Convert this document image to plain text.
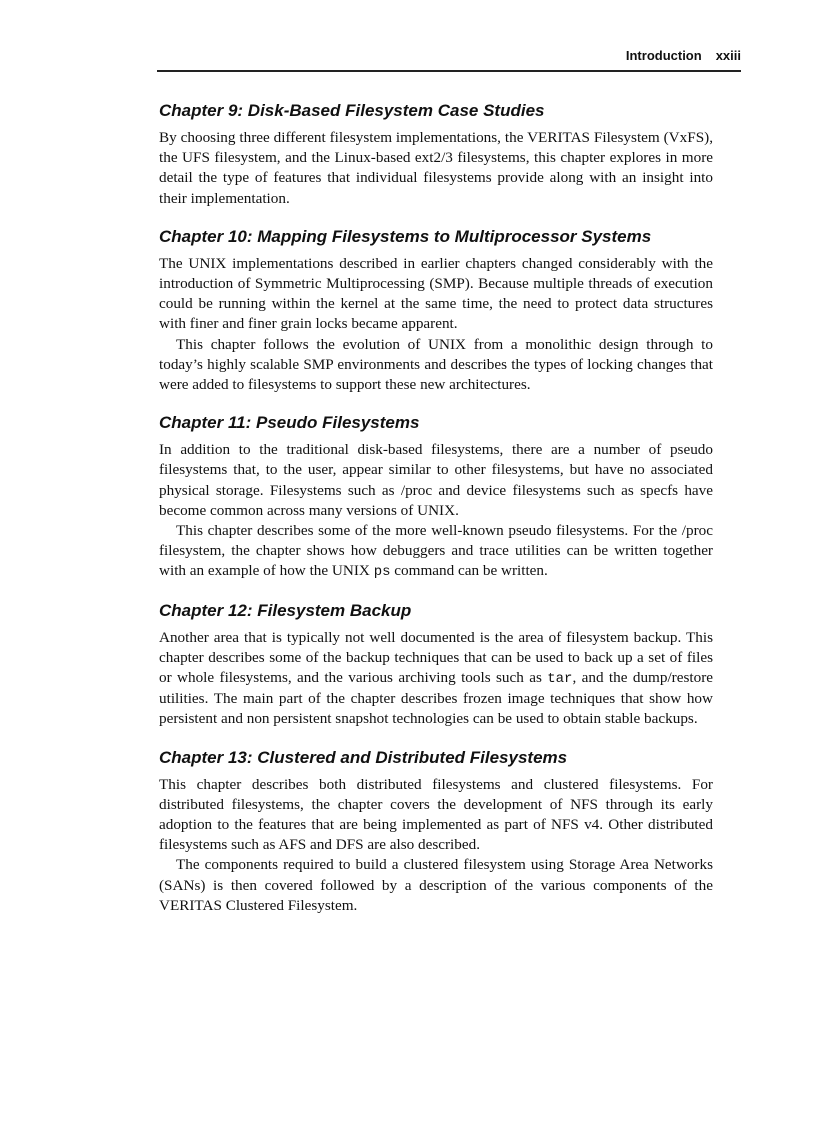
Introduction xxiii
Chapter 9: Disk-Based Filesystem Case Studies

By choosing three different filesystem implementations, the VERITAS Filesystem (VxFS), the UFS filesystem, and the Linux-based ext2/3 filesystems, this chapter explores in more detail the type of features that individual filesystems provide along with an insight into their implementation.

Chapter 10: Mapping Filesystems to Multiprocessor Systems

The UNIX implementations described in earlier chapters changed considerably with the introduction of Symmetric Multiprocessing (SMP). Because multiple threads of execution could be running within the kernel at the same time, the need to protect data structures with finer and finer grain locks became apparent.

This chapter follows the evolution of UNIX from a monolithic design through to today’s highly scalable SMP environments and describes the types of locking changes that were added to filesystems to support these new architectures.

Chapter 11: Pseudo Filesystems

In addition to the traditional disk-based filesystems, there are a number of pseudo filesystems that, to the user, appear similar to other filesystems, but have no associated physical storage. Filesystems such as /proc and device filesystems such as specfs have become common across many versions of UNIX.

This chapter describes some of the more well-known pseudo filesystems. For the /proc filesystem, the chapter shows how debuggers and trace utilities can be written together with an example of how the UNIX ps command can be written.

Chapter 12: Filesystem Backup

Another area that is typically not well documented is the area of filesystem backup. This chapter describes some of the backup techniques that can be used to back up a set of files or whole filesystems, and the various archiving tools such as tar, and the dump/restore utilities. The main part of the chapter describes frozen image techniques that show how persistent and non persistent snapshot technologies can be used to obtain stable backups.

Chapter 13: Clustered and Distributed Filesystems

This chapter describes both distributed filesystems and clustered filesystems. For distributed filesystems, the chapter covers the development of NFS through its early adoption to the features that are being implemented as part of NFS v4. Other distributed filesystems such as AFS and DFS are also described.

The components required to build a clustered filesystem using Storage Area Networks (SANs) is then covered followed by a description of the various components of the VERITAS Clustered Filesystem.
